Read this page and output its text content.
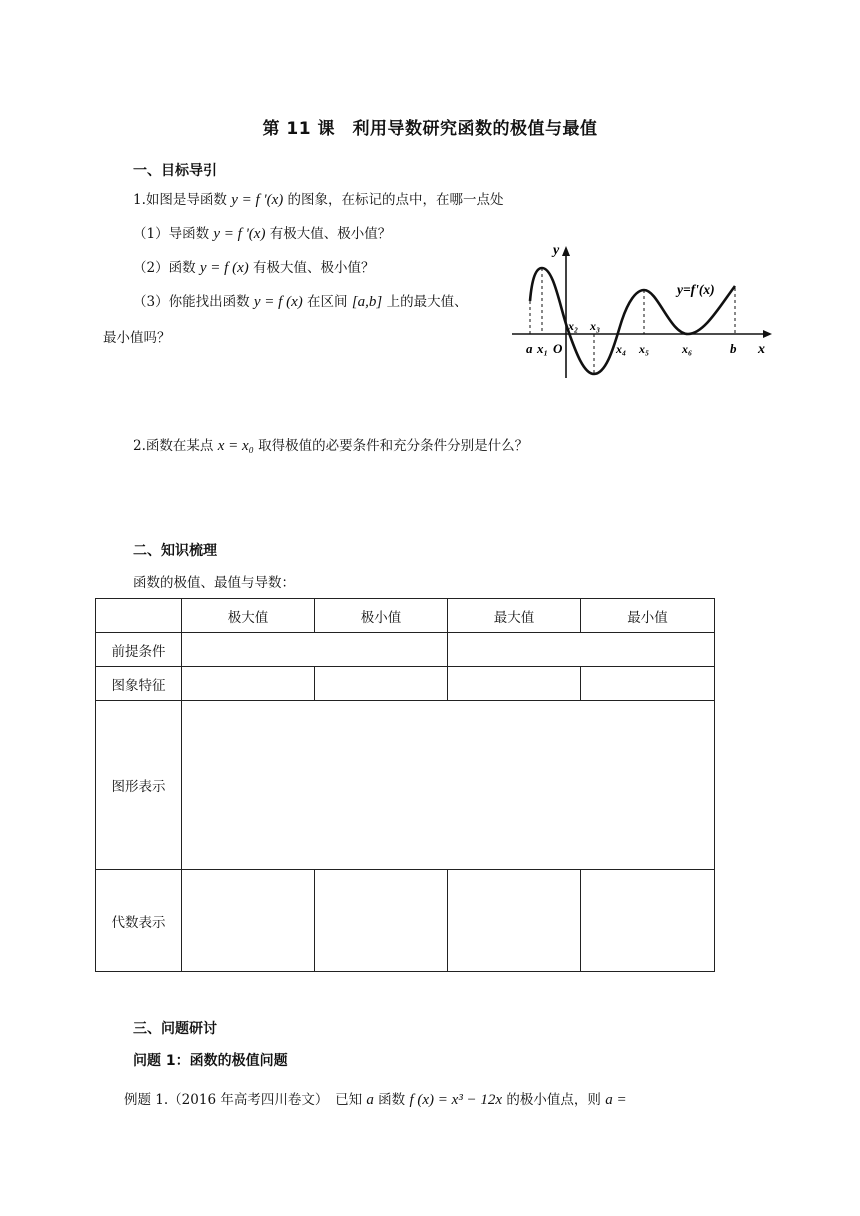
第 11 课　利用导数研究函数的极值与最值
一、目标导引
1.如图是导函数 y = f '(x) 的图象，在标记的点中，在哪一点处
（1）导函数 y = f '(x) 有极大值、极小值？
（2）函数 y = f (x) 有极大值、极小值？
（3）你能找出函数 y = f (x) 在区间 [a,b] 上的最大值、
最小值吗？
y
y=f'(x)
x
a x₁ O
x₂ x₃
x₄ x₅	x₆	b
2.函数在某点 x = x₀ 取得极值的必要条件和充分条件分别是什么？
二、知识梳理
函数的极值、最值与导数：
	极大值	极小值	最大值	最小值
前提条件				
图象特征				
图形表示				
代数表示				
三、问题研讨
问题 1：函数的极值问题
例题 1.（2016 年高考四川卷文）　已知 a 函数 f (x) = x³ − 12x 的极小值点，则 a =
